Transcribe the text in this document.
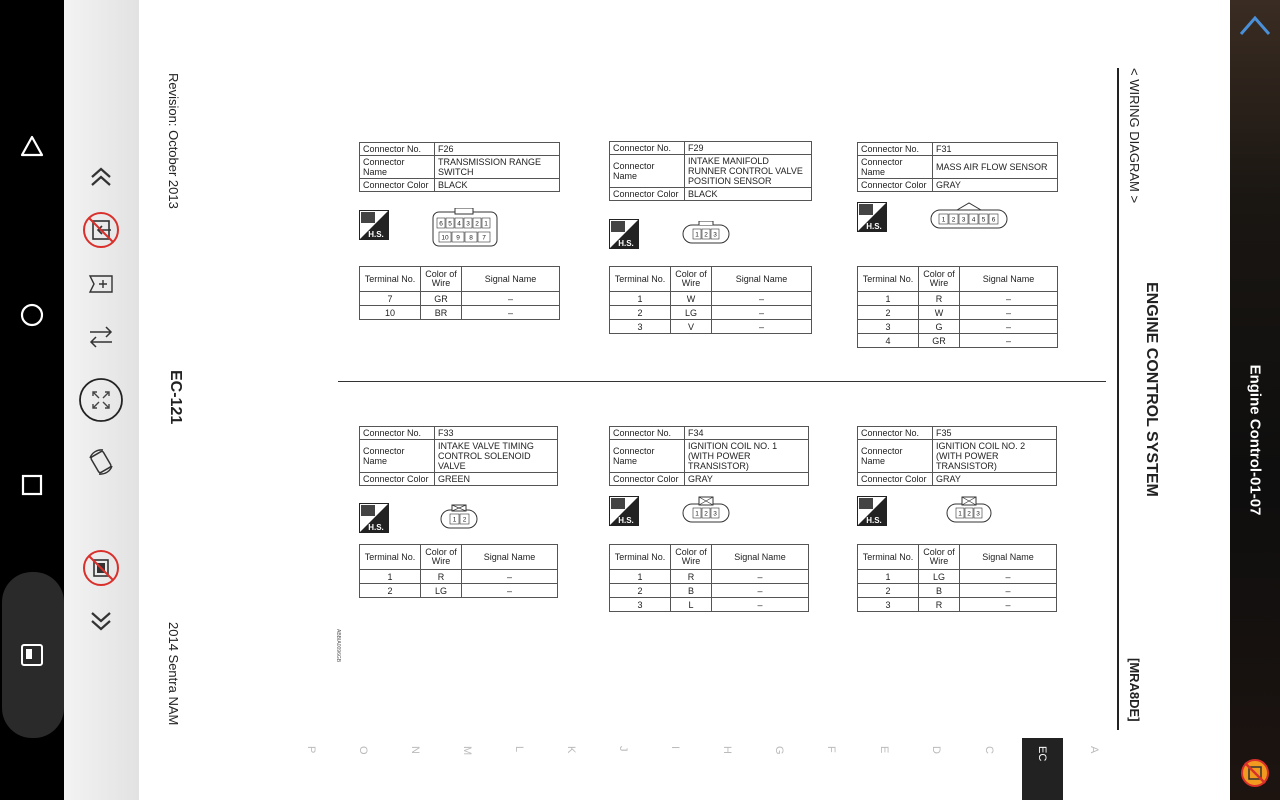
Revision: October 2013
EC-121
2014 Sentra NAM	ABBIA0096GB
< WIRING DIAGRAM >
ENGINE CONTROL SYSTEM
[MRA8DE]
A
EC
C
D
E
F
G
H
I
J
K
L
M
N
O
P
Connector No.	F26
Connector Name	TRANSMISSION RANGE SWITCH
Connector Color	BLACK
H.S.
6 5 4 3 2 1
10 9 8 7
Terminal No.	Color of Wire	Signal Name
7	GR	–
10	BR	–
Connector No.	F29
Connector Name	INTAKE MANIFOLD RUNNER CONTROL VALVE POSITION SENSOR
Connector Color	BLACK
H.S.
1 2 3
Terminal No.	Color of Wire	Signal Name
1	W	–
2	LG	–
3	V	–
Connector No.	F31
Connector Name	MASS AIR FLOW SENSOR
Connector Color	GRAY
H.S.
1 2 3 4 5 6
Terminal No.	Color of Wire	Signal Name
1	R	–
2	W	–
3	G	–
4	GR	–
Connector No.	F33
Connector Name	INTAKE VALVE TIMING CONTROL SOLENOID VALVE
Connector Color	GREEN
H.S.
1 2
Terminal No.	Color of Wire	Signal Name
1	R	–
2	LG	–
Connector No.	F34
Connector Name	IGNITION COIL NO. 1 (WITH POWER TRANSISTOR)
Connector Color	GRAY
H.S.
1 2 3
Terminal No.	Color of Wire	Signal Name
1	R	–
2	B	–
3	L	–
Connector No.	F35
Connector Name	IGNITION COIL NO. 2 (WITH POWER TRANSISTOR)
Connector Color	GRAY
H.S.
1 2 3
Terminal No.	Color of Wire	Signal Name
1	LG	–
2	B	–
3	R	–
Engine Control-01-07
